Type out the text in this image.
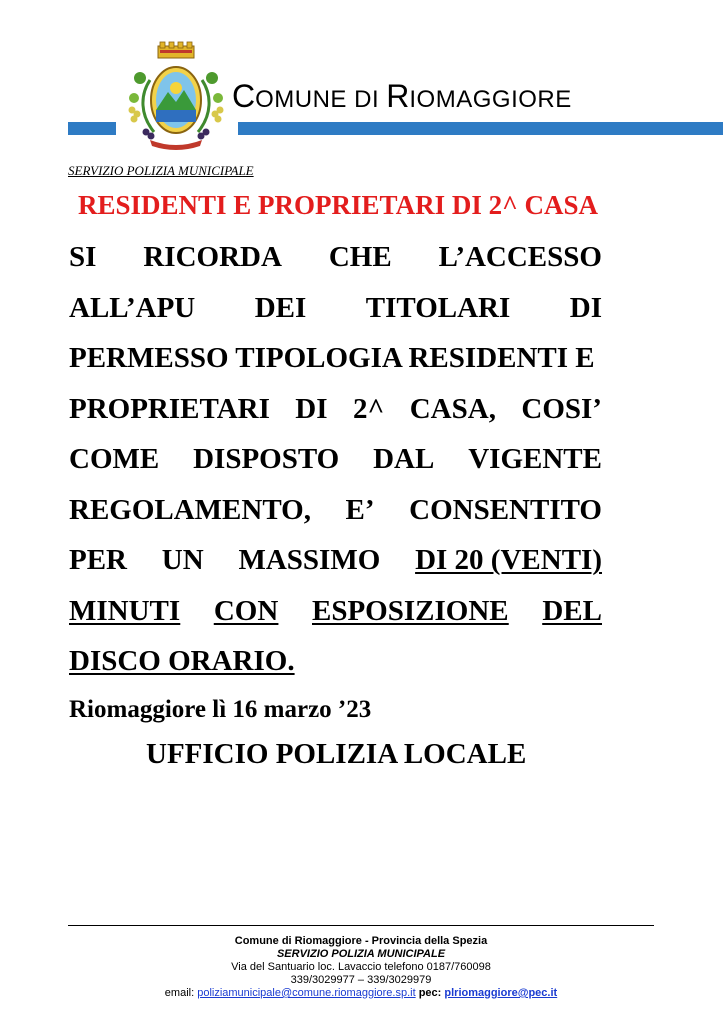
COMUNE DI RIOMAGGIORE
SERVIZIO POLIZIA MUNICIPALE
RESIDENTI E PROPRIETARI DI 2^ CASA
SI RICORDA CHE L’ACCESSO
ALL’APU DEI TITOLARI DI
PERMESSO TIPOLOGIA RESIDENTI E
PROPRIETARI DI 2^ CASA, COSI’
COME DISPOSTO DAL VIGENTE
REGOLAMENTO, E’ CONSENTITO
PER UN MASSIMO DI 20 (VENTI)
MINUTI CON ESPOSIZIONE DEL
DISCO ORARIO.
Riomaggiore lì 16 marzo ’23
UFFICIO POLIZIA LOCALE
Comune di Riomaggiore - Provincia della Spezia
SERVIZIO POLIZIA MUNICIPALE
Via del Santuario loc. Lavaccio telefono 0187/760098
339/3029977 – 339/3029979
email: poliziamunicipale@comune.riomaggiore.sp.it pec: plriomaggiore@pec.it
